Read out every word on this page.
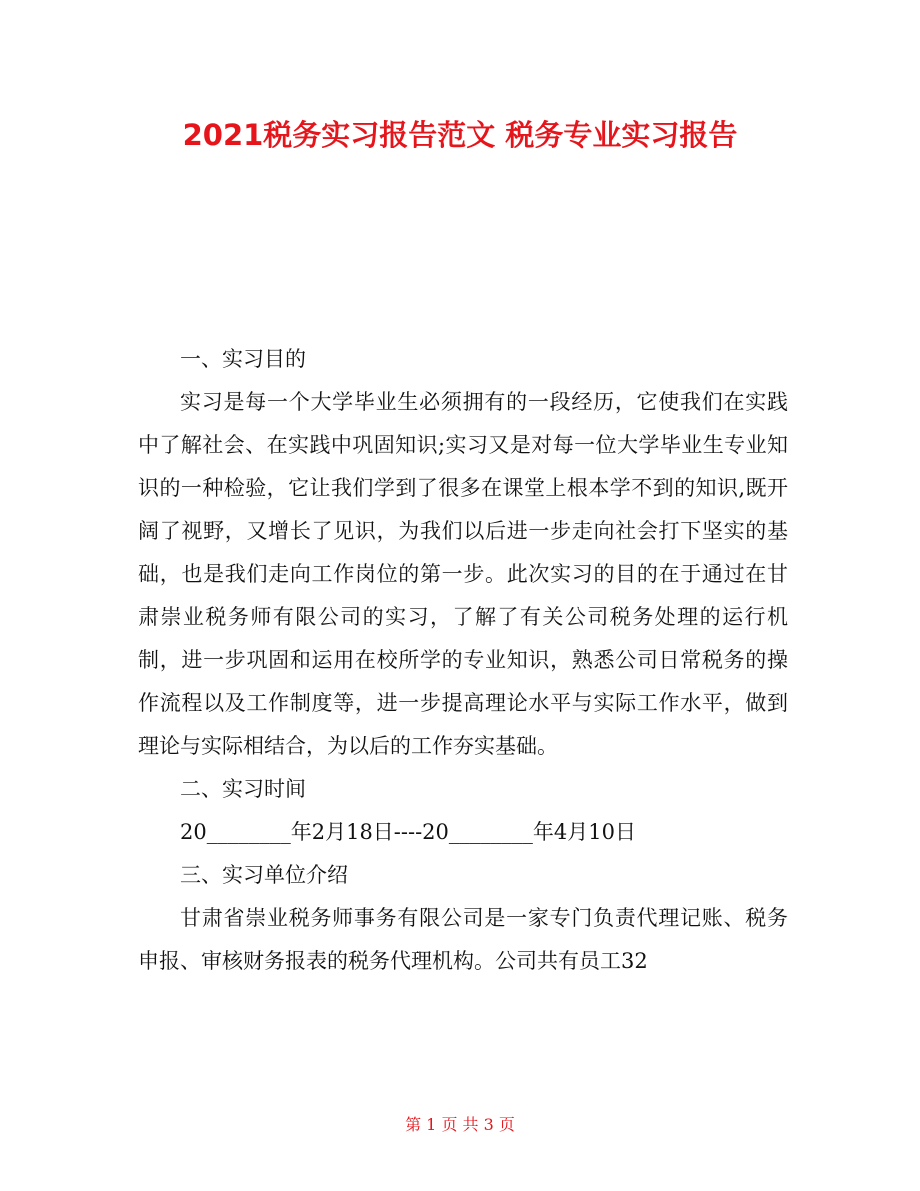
2021税务实习报告范文 税务专业实习报告

一、实习目的

实习是每一个大学毕业生必须拥有的一段经历，它使我们在实践中了解社会、在实践中巩固知识;实习又是对每一位大学毕业生专业知识的一种检验，它让我们学到了很多在课堂上根本学不到的知识,既开阔了视野，又增长了见识，为我们以后进一步走向社会打下坚实的基础，也是我们走向工作岗位的第一步。此次实习的目的在于通过在甘肃崇业税务师有限公司的实习，了解了有关公司税务处理的运行机制，进一步巩固和运用在校所学的专业知识，熟悉公司日常税务的操作流程以及工作制度等，进一步提高理论水平与实际工作水平，做到理论与实际相结合，为以后的工作夯实基础。

二、实习时间

20________年2月18日----20________年4月10日

三、实习单位介绍

甘肃省崇业税务师事务有限公司是一家专门负责代理记账、税务申报、审核财务报表的税务代理机构。公司共有员工32

第 1 页 共 3 页
